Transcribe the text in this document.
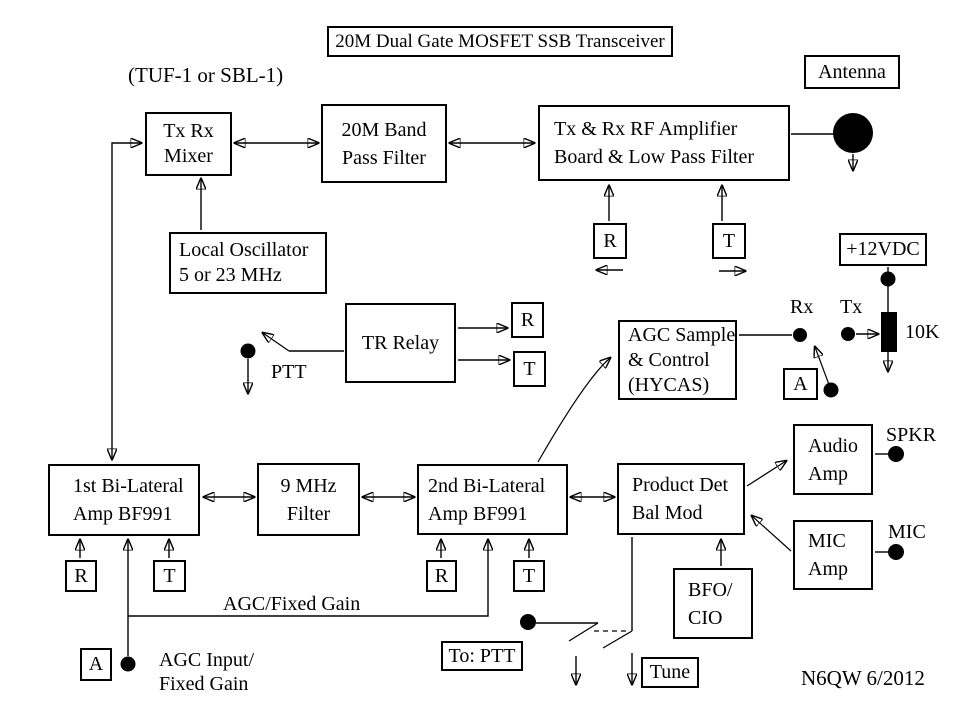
20M Dual Gate MOSFET SSB Transceiver
(TUF-1 or SBL-1)
N6QW 6/2012
Antenna
Tx Rx
Mixer
20M Band
Pass Filter
Tx & Rx RF Amplifier
Board & Low Pass Filter
Local Oscillator
5 or 23 MHz
R	T	+12VDC
TR Relay
R
T
PTT
AGC Sample
& Control
(HYCAS)
Rx Tx
10K
A
Audio
Amp
SPKR
MIC
Amp
MIC
1st Bi-Lateral
Amp BF991
9 MHz
Filter
2nd Bi-Lateral
Amp BF991
Product Det
Bal Mod
BFO/
CIO
R	T	R	T
AGC/Fixed Gain
A	AGC Input/
Fixed Gain
To: PTT
Tune
